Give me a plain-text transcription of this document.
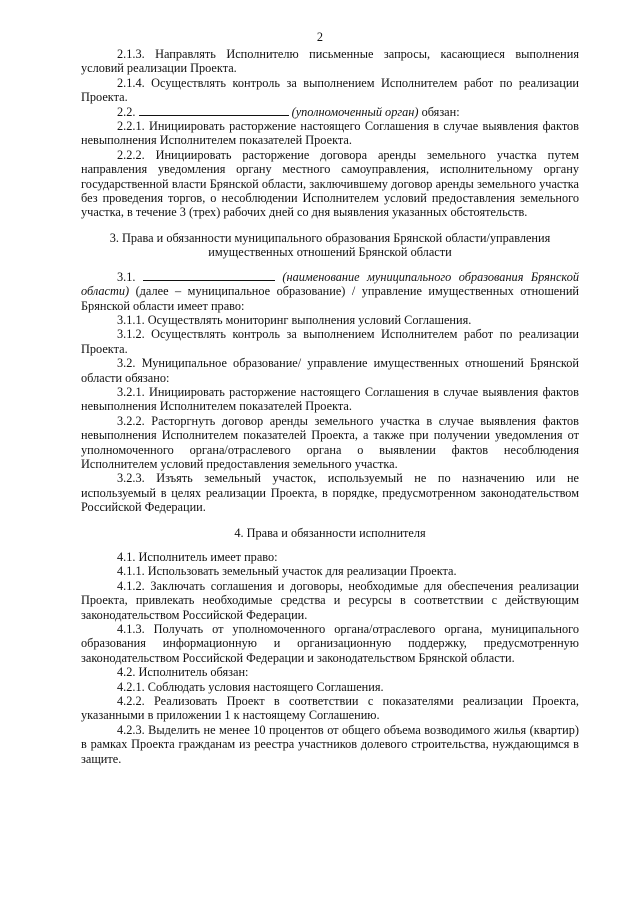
2

2.1.3. Направлять Исполнителю письменные запросы, касающиеся выполнения условий реализации Проекта.

2.1.4. Осуществлять контроль за выполнением Исполнителем работ по реализации Проекта.

2.2.	(уполномоченный орган) обязан:

2.2.1. Инициировать расторжение настоящего Соглашения в случае выявления фактов невыполнения Исполнителем показателей Проекта.

2.2.2. Инициировать расторжение договора аренды земельного участка путем направления уведомления органу местного самоуправления, исполнительному органу государственной власти Брянской области, заключившему договор аренды земельного участка без проведения торгов, о несоблюдении Исполнителем условий предоставления земельного участка, в течение 3 (трех) рабочих дней со дня выявления указанных обстоятельств.

3. Права и обязанности муниципального образования Брянской области/управления имущественных отношений Брянской области

3.1.	(наименование муниципального образования Брянской области) (далее – муниципальное образование) / управление имущественных отношений Брянской области имеет право:

3.1.1. Осуществлять мониторинг выполнения условий Соглашения.

3.1.2. Осуществлять контроль за выполнением Исполнителем работ по реализации Проекта.

3.2. Муниципальное образование/ управление имущественных отношений Брянской области обязано:

3.2.1. Инициировать расторжение настоящего Соглашения в случае выявления фактов невыполнения Исполнителем показателей Проекта.

3.2.2. Расторгнуть договор аренды земельного участка в случае выявления фактов невыполнения Исполнителем показателей Проекта, а также при получении уведомления от уполномоченного органа/отраслевого органа о выявлении фактов несоблюдения Исполнителем условий предоставления земельного участка.

3.2.3. Изъять земельный участок, используемый не по назначению или не используемый в целях реализации Проекта, в порядке, предусмотренном законодательством Российской Федерации.

4. Права и обязанности исполнителя

4.1. Исполнитель имеет право:

4.1.1. Использовать земельный участок для реализации Проекта.

4.1.2. Заключать соглашения и договоры, необходимые для обеспечения реализации Проекта, привлекать необходимые средства и ресурсы в соответствии с действующим законодательством Российской Федерации.

4.1.3. Получать от уполномоченного органа/отраслевого органа, муниципального образования информационную и организационную поддержку, предусмотренную законодательством Российской Федерации и законодательством Брянской области.

4.2. Исполнитель обязан:

4.2.1. Соблюдать условия настоящего Соглашения.

4.2.2. Реализовать Проект в соответствии с показателями реализации Проекта, указанными в приложении 1 к настоящему Соглашению.

4.2.3. Выделить не менее 10 процентов от общего объема возводимого жилья (квартир) в рамках Проекта гражданам из реестра участников долевого строительства, нуждающимся в защите.
